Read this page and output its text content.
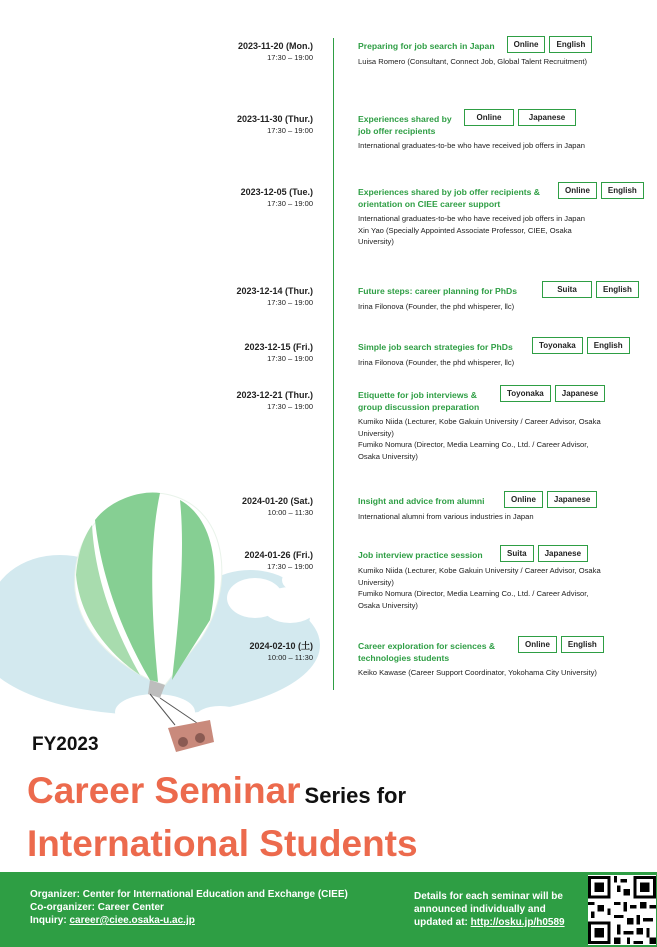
2023-11-20 (Mon.)
17:30 – 19:00
Preparing for job search in Japan	Online	English
Luisa Romero (Consultant, Connect Job, Global Talent Recruitment)
2023-11-30 (Thur.)
17:30 – 19:00
Experiences shared by job offer recipients
Online	Japanese
International graduates-to-be who have received job offers in Japan
2023-12-05 (Tue.)
17:30 – 19:00
Experiences shared by job offer recipients & orientation on CIEE career support
Online	English
International graduates-to-be who have received job offers in Japan
Xin Yao (Specially Appointed Associate Professor, CIEE, Osaka University)
2023-12-14 (Thur.)
17:30 – 19:00
Future steps: career planning for PhDs	Suita	English
Irina Filonova (Founder, the phd whisperer, llc)
2023-12-15 (Fri.)
17:30 – 19:00
Simple job search strategies for PhDs	Toyonaka	English
Irina Filonova (Founder, the phd whisperer, llc)
2023-12-21 (Thur.)
17:30 – 19:00
Etiquette for job interviews & group discussion preparation
Toyonaka	Japanese
Kumiko Niida (Lecturer, Kobe Gakuin University / Career Advisor, Osaka University)
Fumiko Nomura (Director, Media Learning Co., Ltd. / Career Advisor, Osaka University)
2024-01-20 (Sat.)
10:00 – 11:30
Insight and advice from alumni	Online	Japanese
International alumni from various industries in Japan
2024-01-26 (Fri.)
17:30 – 19:00
Job interview practice session	Suita	Japanese
Kumiko Niida (Lecturer, Kobe Gakuin University / Career Advisor, Osaka University)
Fumiko Nomura (Director, Media Learning Co., Ltd. / Career Advisor, Osaka University)
2024-02-10 (土)
10:00 – 11:30
Career exploration for sciences & technologies students
Online	English
Keiko Kawase (Career Support Coordinator, Yokohama City University)
FY2023
Career Seminar Series for
International Students
Organizer: Center for International Education and Exchange (CIEE)
Co-organizer: Career Center
Inquiry: career@ciee.osaka-u.ac.jp
Details for each seminar will be announced individually and updated at: http://osku.jp/h0589
